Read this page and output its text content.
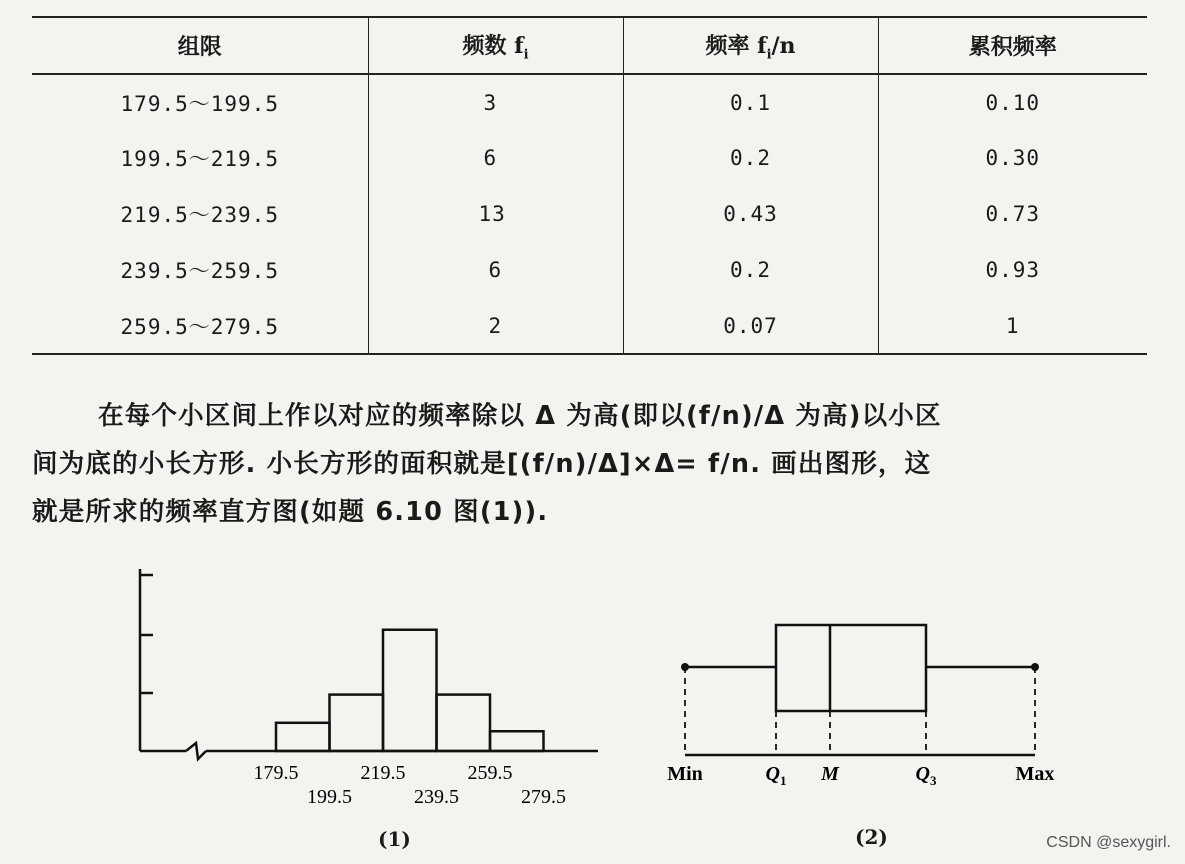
组限	频数 $f_i$	频率 $f_i/n$	累积频率
179.5～199.5	3	0.1	0.10
199.5～219.5	6	0.2	0.30
219.5～239.5	13	0.43	0.73
239.5～259.5	6	0.2	0.93
259.5～279.5	2	0.07	1

在每个小区间上作以对应的频率除以 Δ 为高(即以(f/n)/Δ 为高)以小区

间为底的小长方形. 小长方形的面积就是[(f/n)/Δ]×Δ= f/n. 画出图形，这

就是所求的频率直方图(如题 6.10 图(1)).

179.5	219.5	259.5
199.5	239.5	279.5
(1)
Min	$Q_1$ M	$Q_3$	Max
(2)	CSDN @sexygirl.
